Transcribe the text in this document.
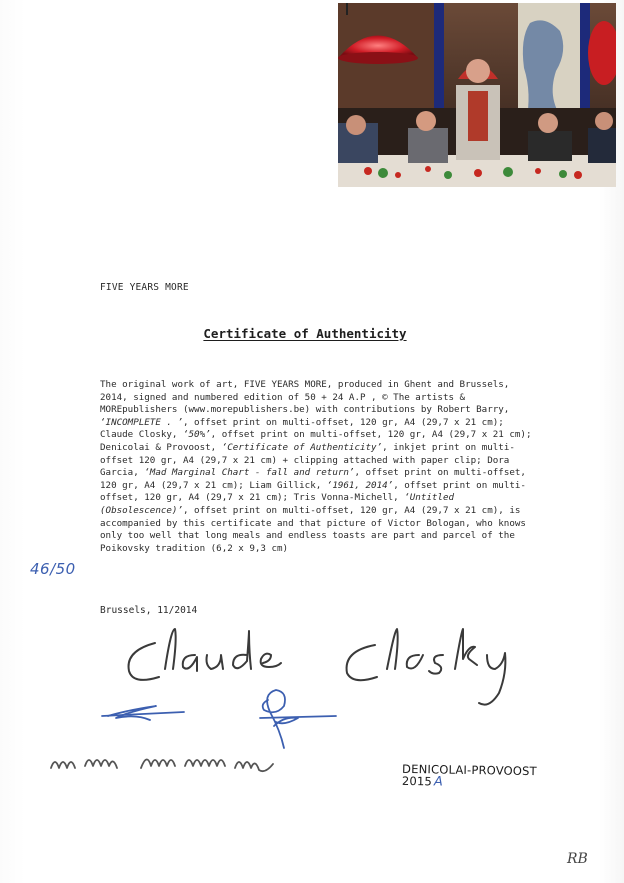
FIVE YEARS MORE
Certificate of Authenticity
The original work of art, FIVE YEARS MORE, produced in Ghent and Brussels, 2014, signed and numbered edition of 50 + 24 A.P , © The artists & MOREpublishers (www.morepublishers.be) with contributions by Robert Barry, ‘INCOMPLETE . ’, offset print on multi-offset, 120 gr, A4 (29,7 x 21 cm); Claude Closky, ‘50%’, offset print on multi-offset, 120 gr, A4 (29,7 x 21 cm); Denicolai & Provoost, ‘Certificate of Authenticity’, inkjet print on multi-offset 120 gr, A4 (29,7 x 21 cm) + clipping attached with paper clip; Dora Garcia, ‘Mad Marginal Chart - fall and return’, offset print on multi-offset, 120 gr, A4 (29,7 x 21 cm); Liam Gillick, ‘1961, 2014’, offset print on multi-offset, 120 gr, A4 (29,7 x 21 cm); Tris Vonna-Michell, ‘Untitled (Obsolescence)’, offset print on multi-offset, 120 gr, A4 (29,7 x 21 cm), is accompanied by this certificate and that picture of Victor Bologan, who knows only too well that long meals and endless toasts are part and parcel of the Poikovsky tradition (6,2 x 9,3 cm)
46/50
Brussels, 11/2014
DENICOLAI-PROVOOST
2015 A
RB
